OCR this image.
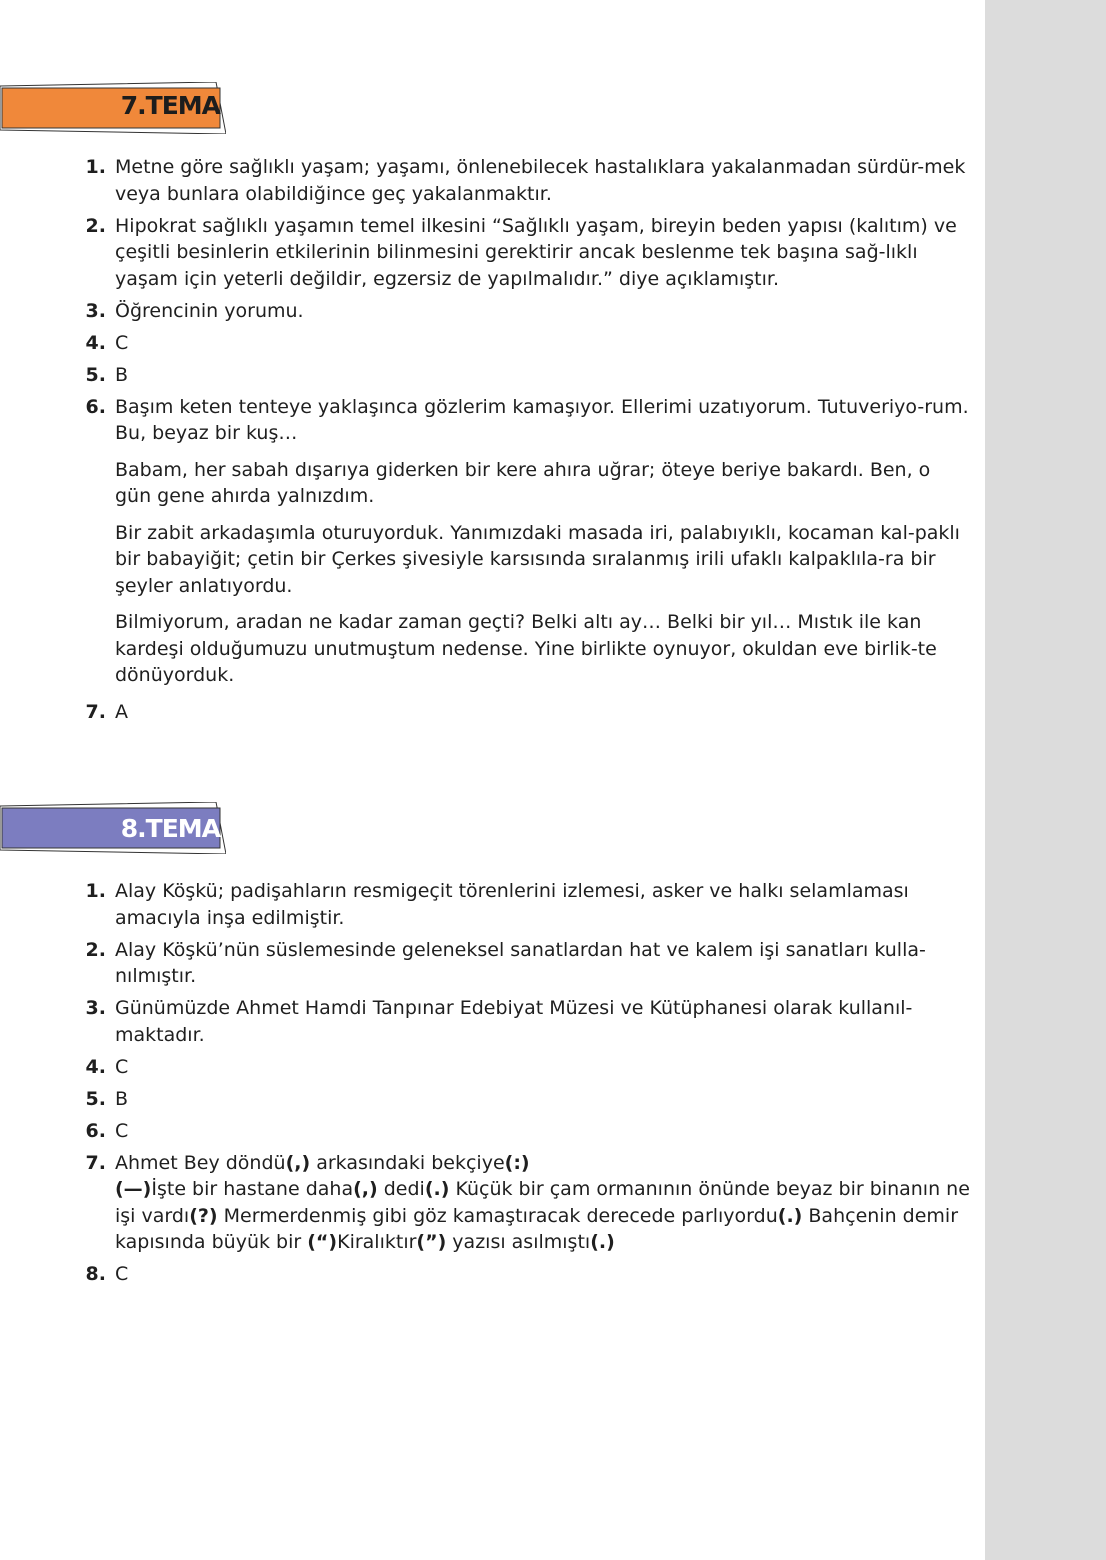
7.TEMA
1. Metne göre sağlıklı yaşam; yaşamı, önlenebilecek hastalıklara yakalanmadan sürdür-mek veya bunlara olabildiğince geç yakalanmaktır.
2. Hipokrat sağlıklı yaşamın temel ilkesini “Sağlıklı yaşam, bireyin beden yapısı (kalıtım) ve çeşitli besinlerin etkilerinin bilinmesini gerektirir ancak beslenme tek başına sağ-lıklı yaşam için yeterli değildir, egzersiz de yapılmalıdır.” diye açıklamıştır.
3. Öğrencinin yorumu.
4. C
5. B
6. Başım keten tenteye yaklaşınca gözlerim kamaşıyor. Ellerimi uzatıyorum. Tutuveriyo-rum. Bu, beyaz bir kuş…
Babam, her sabah dışarıya giderken bir kere ahıra uğrar; öteye beriye bakardı. Ben, o gün gene ahırda yalnızdım.
Bir zabit arkadaşımla oturuyorduk. Yanımızdaki masada iri, palabıyıklı, kocaman kal-paklı bir babayiğit; çetin bir Çerkes şivesiyle karsısında sıralanmış irili ufaklı kalpaklıla-ra bir şeyler anlatıyordu.
Bilmiyorum, aradan ne kadar zaman geçti? Belki altı ay… Belki bir yıl… Mıstık ile kan kardeşi olduğumuzu unutmuştum nedense. Yine birlikte oynuyor, okuldan eve birlik-te dönüyorduk.
7. A
8.TEMA
1. Alay Köşkü; padişahların resmigeçit törenlerini izlemesi, asker ve halkı selamlaması amacıyla inşa edilmiştir.
2. Alay Köşkü’nün süslemesinde geleneksel sanatlardan hat ve kalem işi sanatları kulla-nılmıştır.
3. Günümüzde Ahmet Hamdi Tanpınar Edebiyat Müzesi ve Kütüphanesi olarak kullanıl-maktadır.
4. C
5. B
6. C
7. Ahmet Bey döndü(,) arkasındaki bekçiye(:)
(—)İşte bir hastane daha(,) dedi(.) Küçük bir çam ormanının önünde beyaz bir binanın ne işi vardı(?) Mermerdenmiş gibi göz kamaştıracak derecede parlıyordu(.) Bahçenin demir kapısında büyük bir (“)Kiralıktır(”) yazısı asılmıştı(.)
8. C
